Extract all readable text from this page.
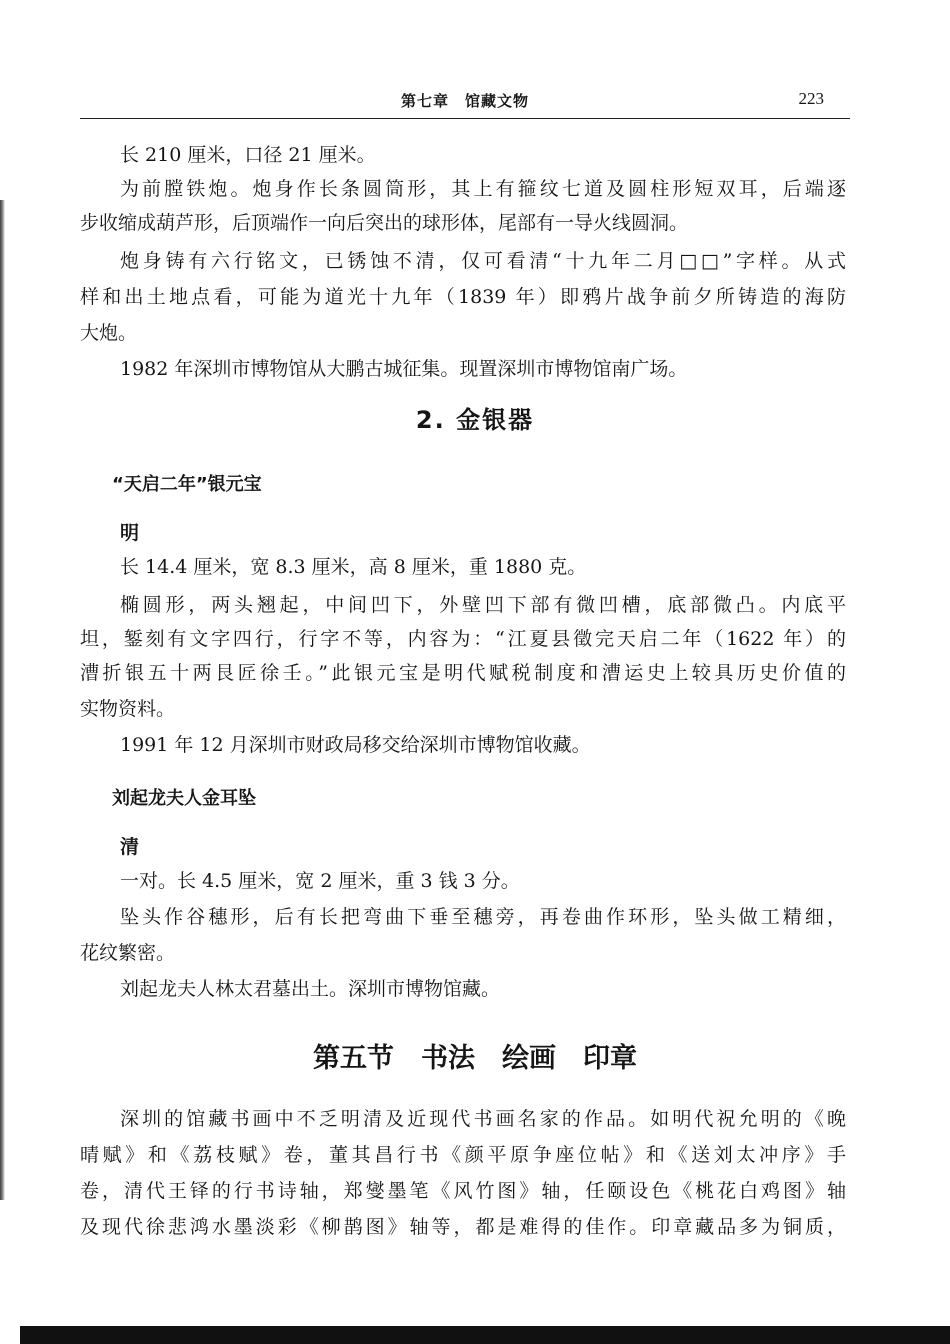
第七章　馆藏文物	223

长 210 厘米，口径 21 厘米。

为前膛铁炮。炮身作长条圆筒形，其上有箍纹七道及圆柱形短双耳，后端逐

步收缩成葫芦形，后顶端作一向后突出的球形体，尾部有一导火线圆洞。

炮身铸有六行铭文，已锈蚀不清，仅可看清“十九年二月□□”字样。从式

样和出土地点看，可能为道光十九年（1839 年）即鸦片战争前夕所铸造的海防

大炮。

1982 年深圳市博物馆从大鹏古城征集。现置深圳市博物馆南广场。

2. 金银器
“天启二年”银元宝

明

长 14.4 厘米，宽 8.3 厘米，高 8 厘米，重 1880 克。

椭圆形，两头翘起，中间凹下，外壁凹下部有微凹槽，底部微凸。内底平

坦，錾刻有文字四行，行字不等，内容为：“江夏县徵完天启二年（1622 年）的

漕折银五十两艮匠徐壬。”此银元宝是明代赋税制度和漕运史上较具历史价值的

实物资料。

1991 年 12 月深圳市财政局移交给深圳市博物馆收藏。

刘起龙夫人金耳坠

清

一对。长 4.5 厘米，宽 2 厘米，重 3 钱 3 分。

坠头作谷穗形，后有长把弯曲下垂至穗旁，再卷曲作环形，坠头做工精细，

花纹繁密。

刘起龙夫人林太君墓出土。深圳市博物馆藏。

第五节　书法　绘画　印章

深圳的馆藏书画中不乏明清及近现代书画名家的作品。如明代祝允明的《晚

晴赋》和《荔枝赋》卷，董其昌行书《颜平原争座位帖》和《送刘太冲序》手

卷，清代王铎的行书诗轴，郑燮墨笔《风竹图》轴，任颐设色《桃花白鸡图》轴

及现代徐悲鸿水墨淡彩《柳鹊图》轴等，都是难得的佳作。印章藏品多为铜质，
